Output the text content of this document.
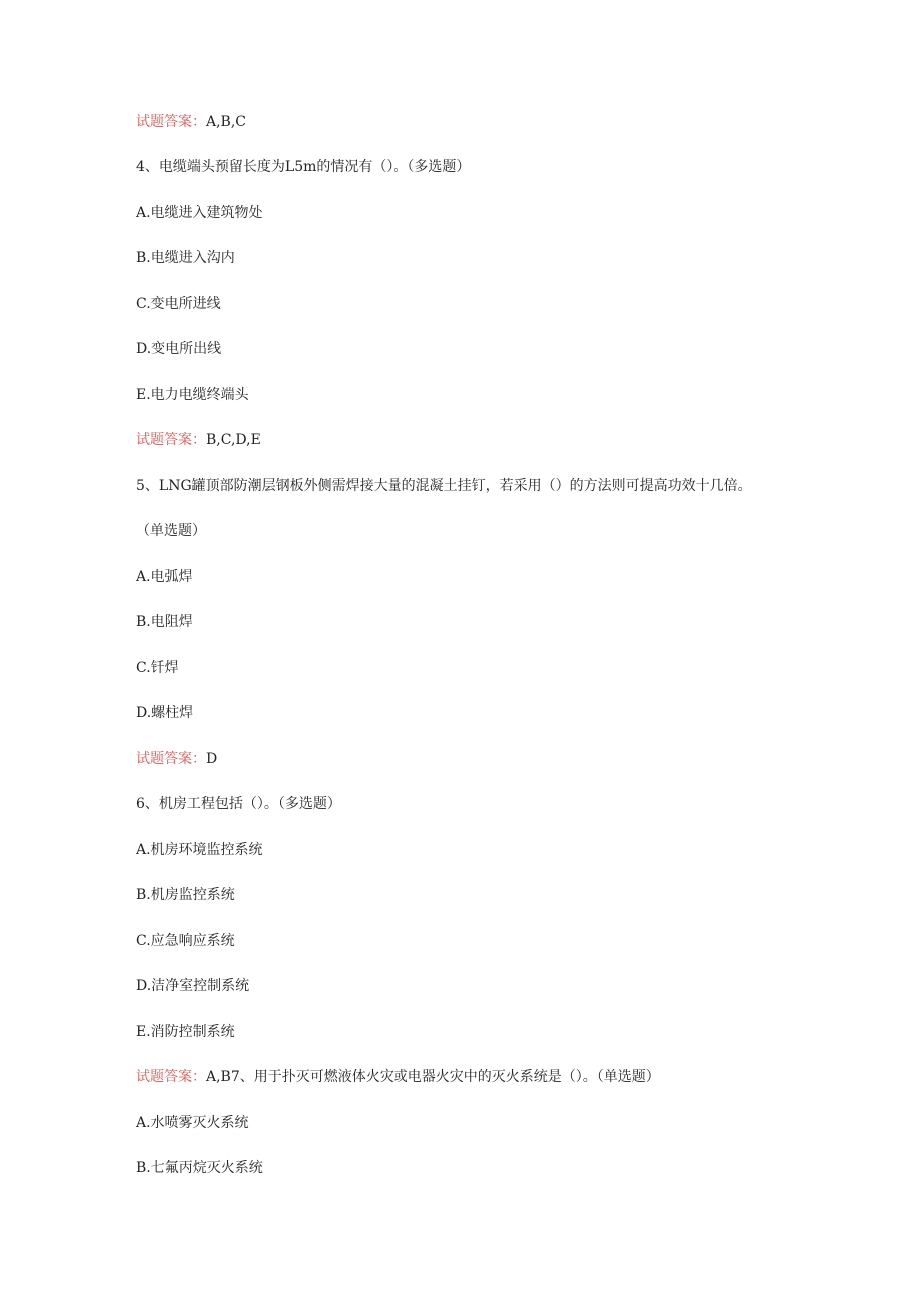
试题答案：A,B,C

4、电缆端头预留长度为L5m的情况有（）。（多选题）

A.电缆进入建筑物处

B.电缆进入沟内

C.变电所进线

D.变电所出线

E.电力电缆终端头

试题答案：B,C,D,E

5、LNG罐顶部防潮层钢板外侧需焊接大量的混凝土挂钉，若采用（）的方法则可提高功效十几倍。

（单选题）

A.电弧焊

B.电阻焊

C.钎焊

D.螺柱焊

试题答案：D

6、机房工程包括（）。（多选题）

A.机房环境监控系统

B.机房监控系统

C.应急响应系统

D.洁净室控制系统

E.消防控制系统

试题答案：A,B7、用于扑灭可燃液体火灾或电器火灾中的灭火系统是（）。（单选题）

A.水喷雾灭火系统

B.七氟丙烷灭火系统
